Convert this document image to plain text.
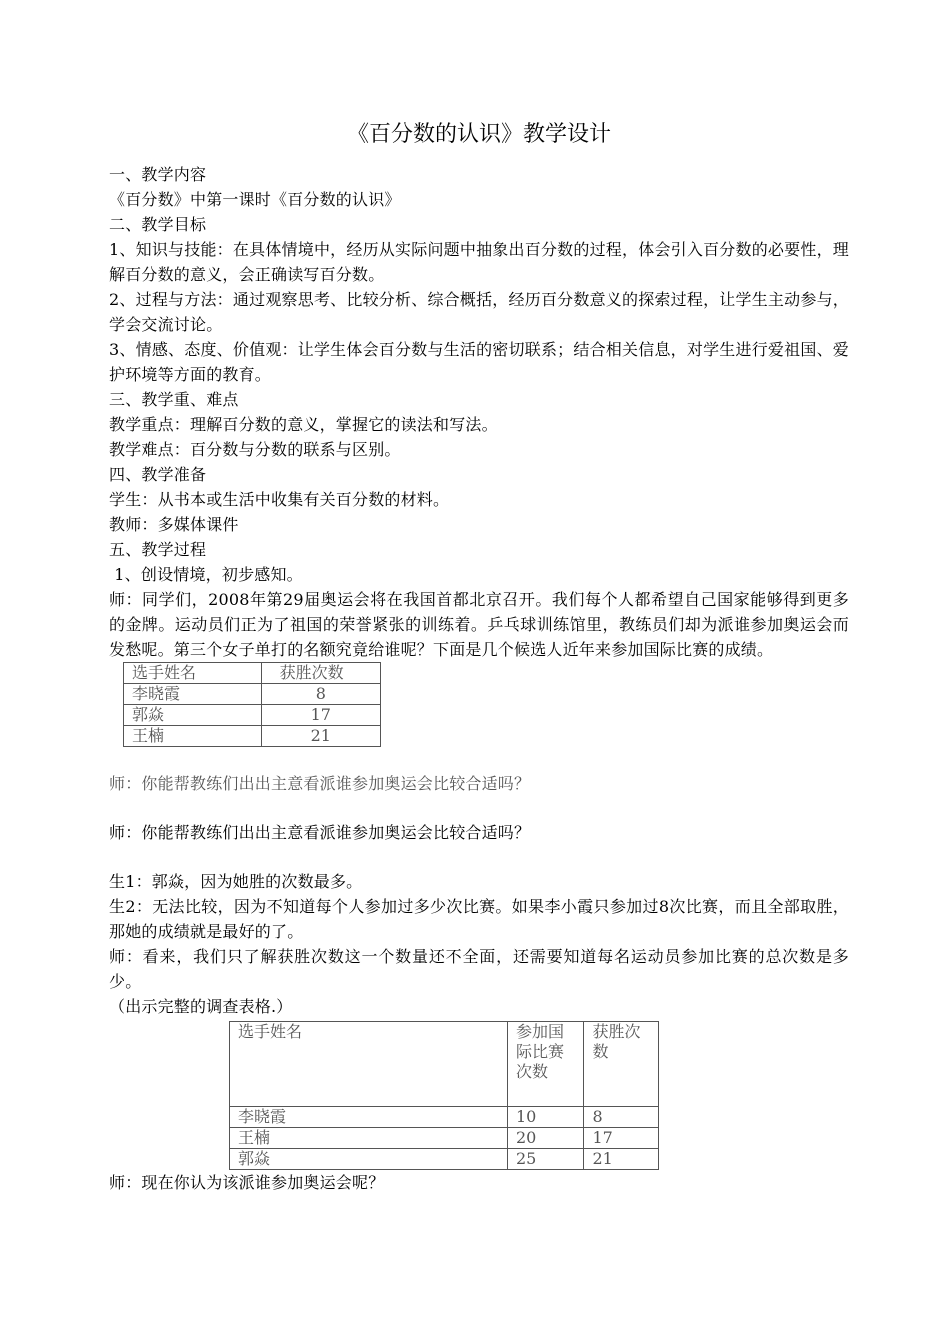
《百分数的认识》教学设计

一、教学内容

《百分数》中第一课时《百分数的认识》

二、教学目标

1、知识与技能：在具体情境中，经历从实际问题中抽象出百分数的过程，体会引入百分数的必要性，理解百分数的意义，会正确读写百分数。

2、过程与方法：通过观察思考、比较分析、综合概括，经历百分数意义的探索过程，让学生主动参与，学会交流讨论。

3、情感、态度、价值观：让学生体会百分数与生活的密切联系；结合相关信息，对学生进行爱祖国、爱护环境等方面的教育。

三、教学重、难点

教学重点：理解百分数的意义，掌握它的读法和写法。

教学难点：百分数与分数的联系与区别。

四、教学准备

学生：从书本或生活中收集有关百分数的材料。

教师：多媒体课件

五、教学过程

1、创设情境，初步感知。

师：同学们，2008年第29届奥运会将在我国首都北京召开。我们每个人都希望自己国家能够得到更多的金牌。运动员们正为了祖国的荣誉紧张的训练着。乒乓球训练馆里，教练员们却为派谁参加奥运会而发愁呢。第三个女子单打的名额究竟给谁呢？下面是几个候选人近年来参加国际比赛的成绩。

选手姓名	获胜次数
李晓霞	8
郭焱	17
王楠	21

师：你能帮教练们出出主意看派谁参加奥运会比较合适吗？

师：你能帮教练们出出主意看派谁参加奥运会比较合适吗？

生1：郭焱，因为她胜的次数最多。

生2：无法比较，因为不知道每个人参加过多少次比赛。如果李小霞只参加过8次比赛，而且全部取胜，那她的成绩就是最好的了。

师：看来，我们只了解获胜次数这一个数量还不全面，还需要知道每名运动员参加比赛的总次数是多少。

（出示完整的调查表格.）

选手姓名	参加国际比赛次数	获胜次数
李晓霞	10	8
王楠	20	17
郭焱	25	21

师：现在你认为该派谁参加奥运会呢？
